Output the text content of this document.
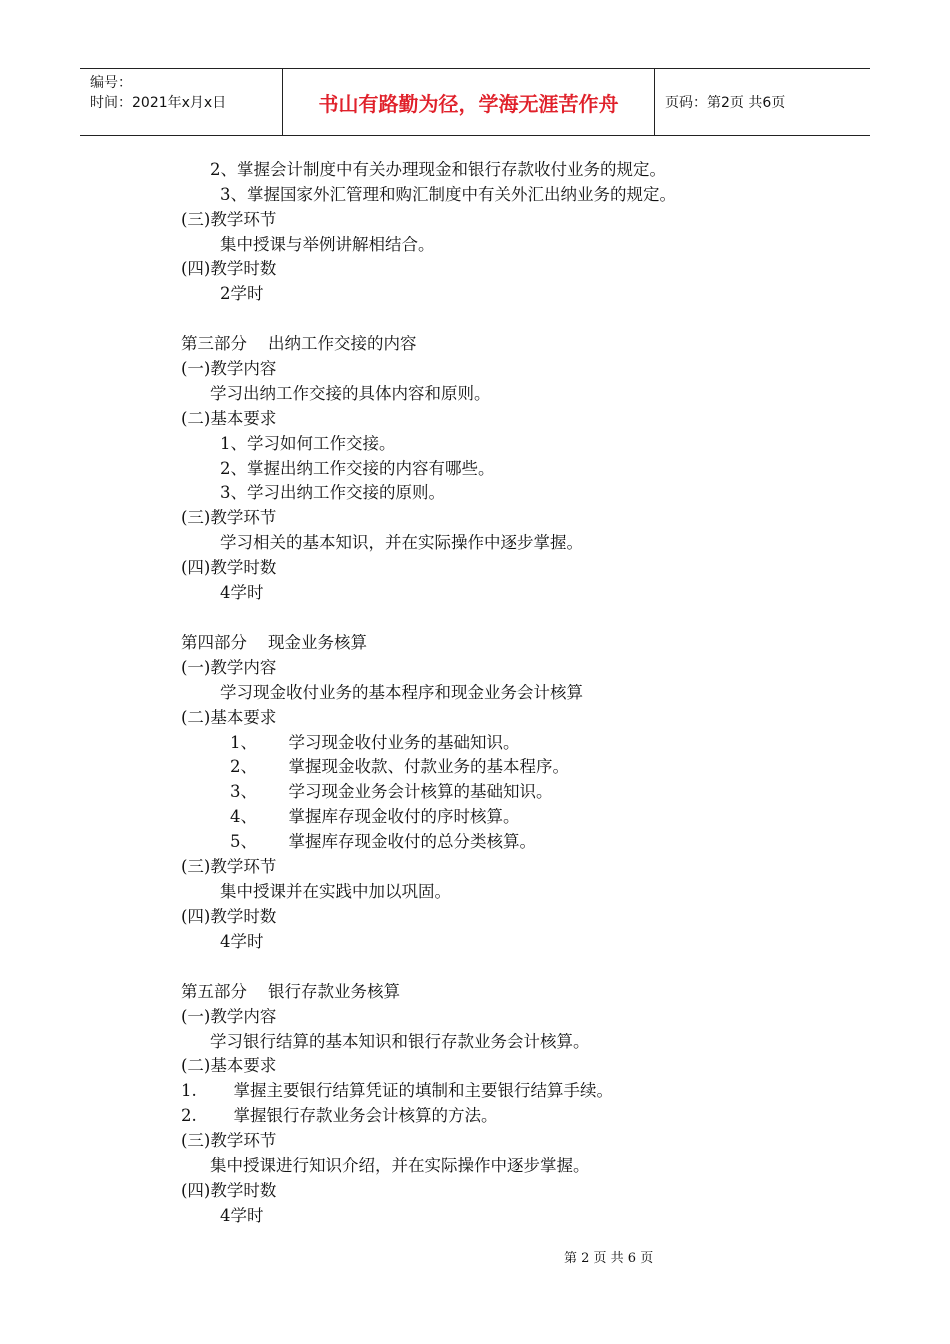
编号：
时间：2021年x月x日	书山有路勤为径，学海无涯苦作舟	页码：第2页 共6页
2、掌握会计制度中有关办理现金和银行存款收付业务的规定。
3、掌握国家外汇管理和购汇制度中有关外汇出纳业务的规定。
(三)教学环节
集中授课与举例讲解相结合。
(四)教学时数
2学时
第三部分    出纳工作交接的内容
(一)教学内容
学习出纳工作交接的具体内容和原则。
(二)基本要求
1、学习如何工作交接。
2、掌握出纳工作交接的内容有哪些。
3、学习出纳工作交接的原则。
(三)教学环节
学习相关的基本知识，并在实际操作中逐步掌握。
(四)教学时数
4学时
第四部分    现金业务核算
(一)教学内容
学习现金收付业务的基本程序和现金业务会计核算
(二)基本要求
1、      学习现金收付业务的基础知识。
2、      掌握现金收款、付款业务的基本程序。
3、      学习现金业务会计核算的基础知识。
4、      掌握库存现金收付的序时核算。
5、      掌握库存现金收付的总分类核算。
(三)教学环节
集中授课并在实践中加以巩固。
(四)教学时数
4学时
第五部分    银行存款业务核算
(一)教学内容
学习银行结算的基本知识和银行存款业务会计核算。
(二)基本要求
1.       掌握主要银行结算凭证的填制和主要银行结算手续。
2.       掌握银行存款业务会计核算的方法。
(三)教学环节
集中授课进行知识介绍，并在实际操作中逐步掌握。
(四)教学时数
4学时
第 2 页 共 6 页
